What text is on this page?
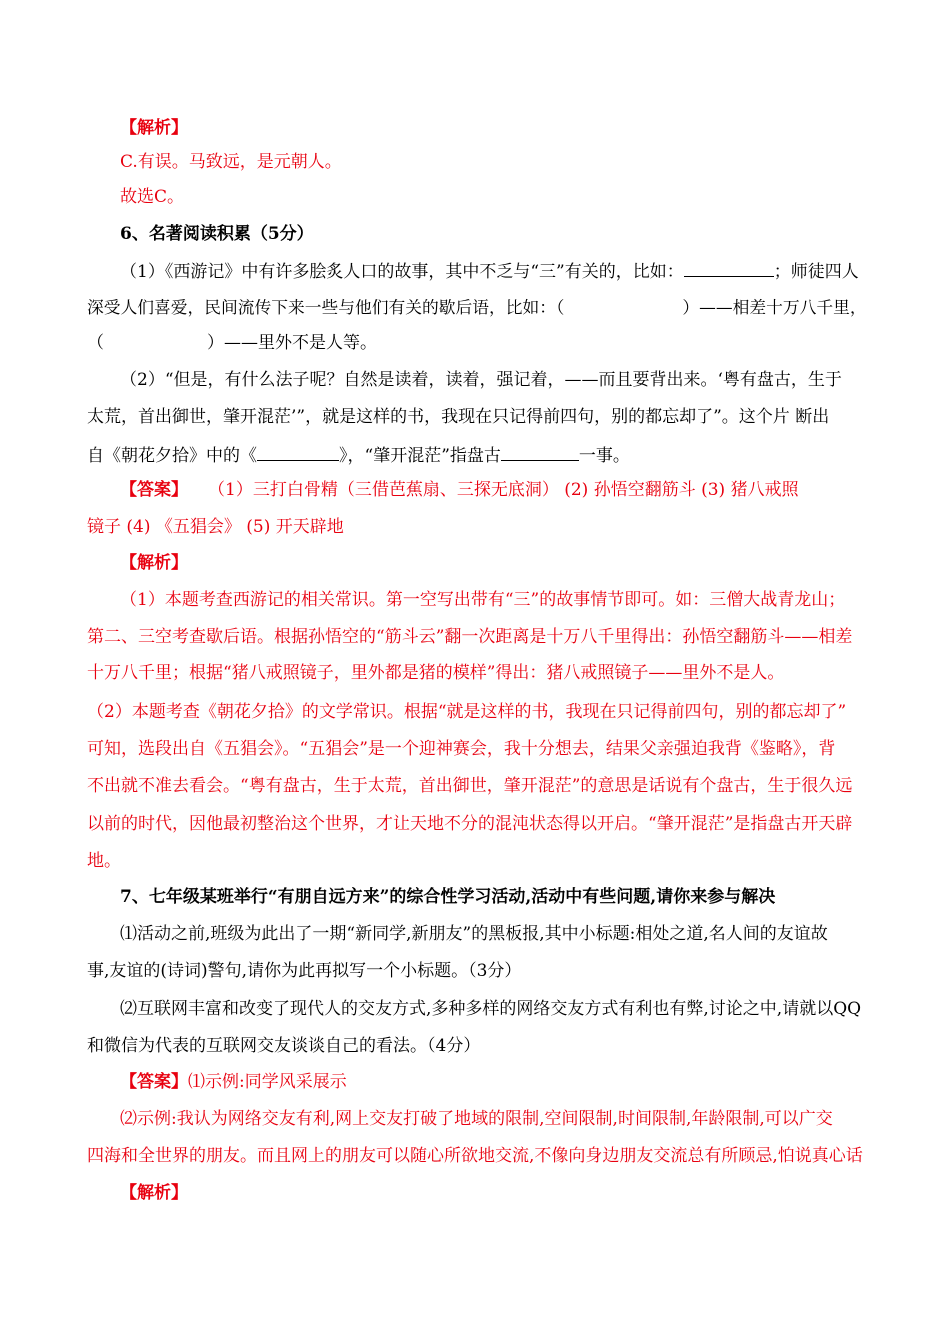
【解析】
C.有误。马致远，是元朝人。
故选C。
6、名著阅读积累（5分）
（1）《西游记》中有许多脍炙人口的故事，其中不乏与“三”有关的，比如：	；师徒四人
深受人们喜爱，民间流传下来一些与他们有关的歇后语，比如：（	）——相差十万八千里，
（	）——里外不是人等。
（2）“但是，有什么法子呢？自然是读着，读着，强记着，——而且要背出来。‘粤有盘古，生于
太荒，首出御世，肇开混茫’”，就是这样的书，我现在只记得前四句，别的都忘却了”。这个片 断出
自《朝花夕拾》中的《	》，“肇开混茫”指盘古	一事。
【答案】 （1）三打白骨精（三借芭蕉扇、三探无底洞） (2) 孙悟空翻筋斗 (3) 猪八戒照
镜子 (4) 《五猖会》 (5) 开天辟地
【解析】
（1）本题考查西游记的相关常识。第一空写出带有“三”的故事情节即可。如：三僧大战青龙山；
第二、三空考查歇后语。根据孙悟空的“筋斗云”翻一次距离是十万八千里得出：孙悟空翻筋斗——相差
十万八千里；根据“猪八戒照镜子，里外都是猪的模样”得出：猪八戒照镜子——里外不是人。
（2）本题考查《朝花夕拾》的文学常识。根据“就是这样的书，我现在只记得前四句，别的都忘却了”
可知，选段出自《五猖会》。“五猖会”是一个迎神赛会，我十分想去，结果父亲强迫我背《鉴略》，背
不出就不准去看会。“粤有盘古，生于太荒，首出御世，肇开混茫”的意思是话说有个盘古，生于很久远
以前的时代，因他最初整治这个世界，才让天地不分的混沌状态得以开启。“肇开混茫”是指盘古开天辟
地。
7、七年级某班举行“有朋自远方来”的综合性学习活动,活动中有些问题,请你来参与解决
⑴活动之前,班级为此出了一期“新同学,新朋友”的黑板报,其中小标题:相处之道,名人间的友谊故
事,友谊的(诗词)警句,请你为此再拟写一个小标题。（3分）
⑵互联网丰富和改变了现代人的交友方式,多种多样的网络交友方式有利也有弊,讨论之中,请就以QQ
和微信为代表的互联网交友谈谈自己的看法。（4分）
【答案】⑴示例:同学风采展示
⑵示例:我认为网络交友有利,网上交友打破了地域的限制,空间限制,时间限制,年龄限制,可以广交
四海和全世界的朋友。而且网上的朋友可以随心所欲地交流,不像向身边朋友交流总有所顾忌,怕说真心话
【解析】
